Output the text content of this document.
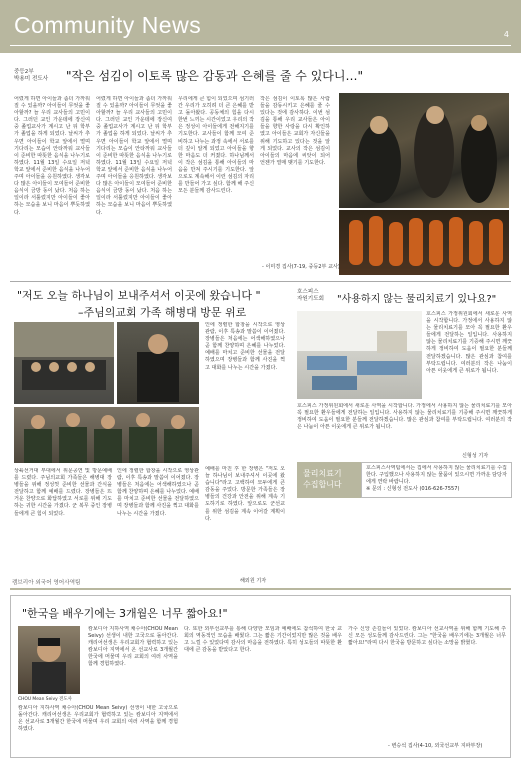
Community News	4
중등2부
박용미 전도사	"작은 섬김이 이토록 많은 감동과 은혜를 줄 수 있다니…"
어렸게 하면 아이들과 좀더 가까워질 수 있을까? 아이들이 무엇을 좋아할까? 늘 우리 교사들의 고민이다. 그러던 교인 가운데에 장신여중 졸업교사가 계시고 난 뒤 학부가 졸업을 하게 되었다. 날씨가 추우면 아이들이 학교 앞에서 떨며 기다리는 모습이 안타까워 교사들이 준비한 따뜻한 음식을 나누기로 하였다. 11월 13일 수요일 저녁 학교 앞에서 준비한 음식을 나누어 주며 아이들을 응원하였다. 생각보다 많은 아이들이 모여들어 준비한 음식이 금방 동이 났다. 처음 하는 일이라 서툴렀지만 아이들이 좋아하는 모습을 보니 마음이 뿌듯하였다.
어렸게 하면 아이들과 좀더 가까워질 수 있을까? 아이들이 무엇을 좋아할까? 늘 우리 교사들의 고민이다. 그러던 교인 가운데에 장신여중 졸업교사가 계시고 난 뒤 학부가 졸업을 하게 되었다. 날씨가 추우면 아이들이 학교 앞에서 떨며 기다리는 모습이 안타까워 교사들이 준비한 따뜻한 음식을 나누기로 하였다. 11월 13일 수요일 저녁 학교 앞에서 준비한 음식을 나누어 주며 아이들을 응원하였다. 생각보다 많은 아이들이 모여들어 준비한 음식이 금방 동이 났다. 처음 하는 일이라 서툴렀지만 아이들이 좋아하는 모습을 보니 마음이 뿌듯하였다.
우리에게 큰 힘이 되었으며 섬기러 간 우리가 오히려 더 큰 은혜를 받고 돌아왔다. 공동체의 힘을 다시 한번 느끼는 시간이었고 우리의 작은 정성이 아이들에게 전해지기를 기도한다. 교사들이 함께 모여 준비하고 나누는 과정 속에서 서로를 더 깊이 알게 되었고 아이들을 향한 마음도 더 커졌다. 하나님께서 이 작은 섬김을 통해 아이들의 마음을 만져 주시기를 기도한다. 앞으로도 계속해서 이런 섬김의 자리를 만들어 가고 싶다. 함께 해 주신 모든 분들께 감사드린다.
작은 섬김이 이토록 많은 사람들을 감동시키고 은혜를 줄 수 있다는 것에 감사하다. 이번 섬김을 통해 우리 교사들은 아이들을 향한 사랑을 다시 확인하였고 아이들은 교회가 자신들을 위해 기도하고 있다는 것을 알게 되었다. 교사의 작은 섬김이 아이들의 마음에 씨앗이 되어 언젠가 열매 맺기를 기도한다.
- 이미경 집사(7-19, 중등2부 교사)
"저도 오늘 하나님이 보내주셔서 이곳에 왔습니다 "
–주님의교회 가족 해병대 방문 위로
상륙선거대 부대에서 위문공연 및 방문예배를 드렸다. 주님의교회 가족들은 해병대 장병들을 위해 정성껏 준비한 선물과 간식을 전달하고 함께 예배를 드렸다. 장병들은 뜨거운 찬양으로 화답하였고 서로를 위해 기도하는 귀한 시간을 가졌다. 군 복무 중인 장병들에게 큰 힘이 되었다.
인에 정렬한 합창을 시작으로 영상관람, 이후 특송과 말씀이 이어졌다. 장병들은 처음에는 어색해하였으나 곧 함께 찬양하며 은혜를 나누었다. 예배를 마치고 준비한 선물을 전달하였으며 장병들과 함께 사진을 찍고 대화를 나누는 시간을 가졌다.
인에 정렬한 합창을 시작으로 영상관람, 이후 특송과 말씀이 이어졌다. 장병들은 처음에는 어색해하였으나 곧 함께 찬양하며 은혜를 나누었다. 예배를 마치고 준비한 선물을 전달하였으며 장병들과 함께 사진을 찍고 대화를 나누는 시간을 가졌다.
예배를 마친 후 한 장병은 "저도 오늘 하나님이 보내주셔서 이곳에 왔습니다"라고 고백하여 모두에게 큰 감동을 주었다. 방문한 가족들은 장병들의 건강과 안전을 위해 계속 기도하기로 하였다. 앞으로도 군선교를 위한 섬김을 계속 이어갈 계획이다.
해외원 기자
호스피스
자원기도회	"사용하지 않는 물리치료기 있나요?"
호스피스 가정위원회에서 새로운 사역을 시작합니다. 가정에서 사용하지 않는 물리치료기를 모아 꼭 필요한 환우들에게 전달하는 일입니다. 사용하지 않는 물리치료기를 기증해 주시면 깨끗하게 정비하여 도움이 필요한 분들께 전달하겠습니다. 많은 관심과 참여를 부탁드립니다. 여러분의 작은 나눔이 아픈 이웃에게 큰 위로가 됩니다.
호스피스 가정위원회에서 새로운 사역을 시작합니다. 가정에서 사용하지 않는 물리치료기를 모아 꼭 필요한 환우들에게 전달하는 일입니다. 사용하지 않는 물리치료기를 기증해 주시면 깨끗하게 정비하여 도움이 필요한 분들께 전달하겠습니다. 많은 관심과 참여를 부탁드립니다. 여러분의 작은 나눔이 아픈 이웃에게 큰 위로가 됩니다.
신형성 기자
물리치료기
수집합니다
호스피스사역팀에서는 집에서 사용하지 않는 물리치료기를 수집한다. 구입했으나 사용하지 않는 물품이 있으시면 가까운 담당자에게 연락 바랍니다.
※ 문의 : 신형성 전도사 (016-626-7557)
캠브리아 외국어 영어사역팀
"한국을 배우기에는 3개월은 너무 짧아요!"
CHOU Mean Seivy 전도사
캄보디아 지하사역 채수아(CHOU Mean Seivy) 선생이 내한 고국으로 돌아간다. 캐리어선생은 우리교회가 협력하고 있는 캄보디아 지역에서 온 선교사로 3개월간 한국에 머물며 우리 교회의 여러 사역을 함께 경험하였다.
캄보디아 지하사역 채수아(CHOU Mean Seivy) 선생이 내한 고국으로 돌아간다. 캐리어선생은 우리교회가 협력하고 있는 캄보디아 지역에서 온 선교사로 3개월간 한국에 머물며 우리 교회의 여러 사역을 함께 경험하였다.
다. 또한 외부선교부를 통해 다양한 모임과 예배에도 참석하여 한국 교회의 역동적인 모습을 배웠다. 그는 짧은 기간이었지만 많은 것을 배우고 느낄 수 있었다며 감사의 마음을 전하였다. 특히 성도들의 따뜻한 환대에 큰 감동을 받았다고 한다.
가수 신앙 손길들이 있었다. 캄보디아 선교사역을 위해 함께 기도해 주신 모든 성도들께 감사드린다. 그는 "한국을 배우기에는 3개월은 너무 짧아요!"라며 다시 한국을 방문하고 싶다는 소망을 밝혔다.
- 변승석 집사(4-10, 외국선교부 지파부장)
